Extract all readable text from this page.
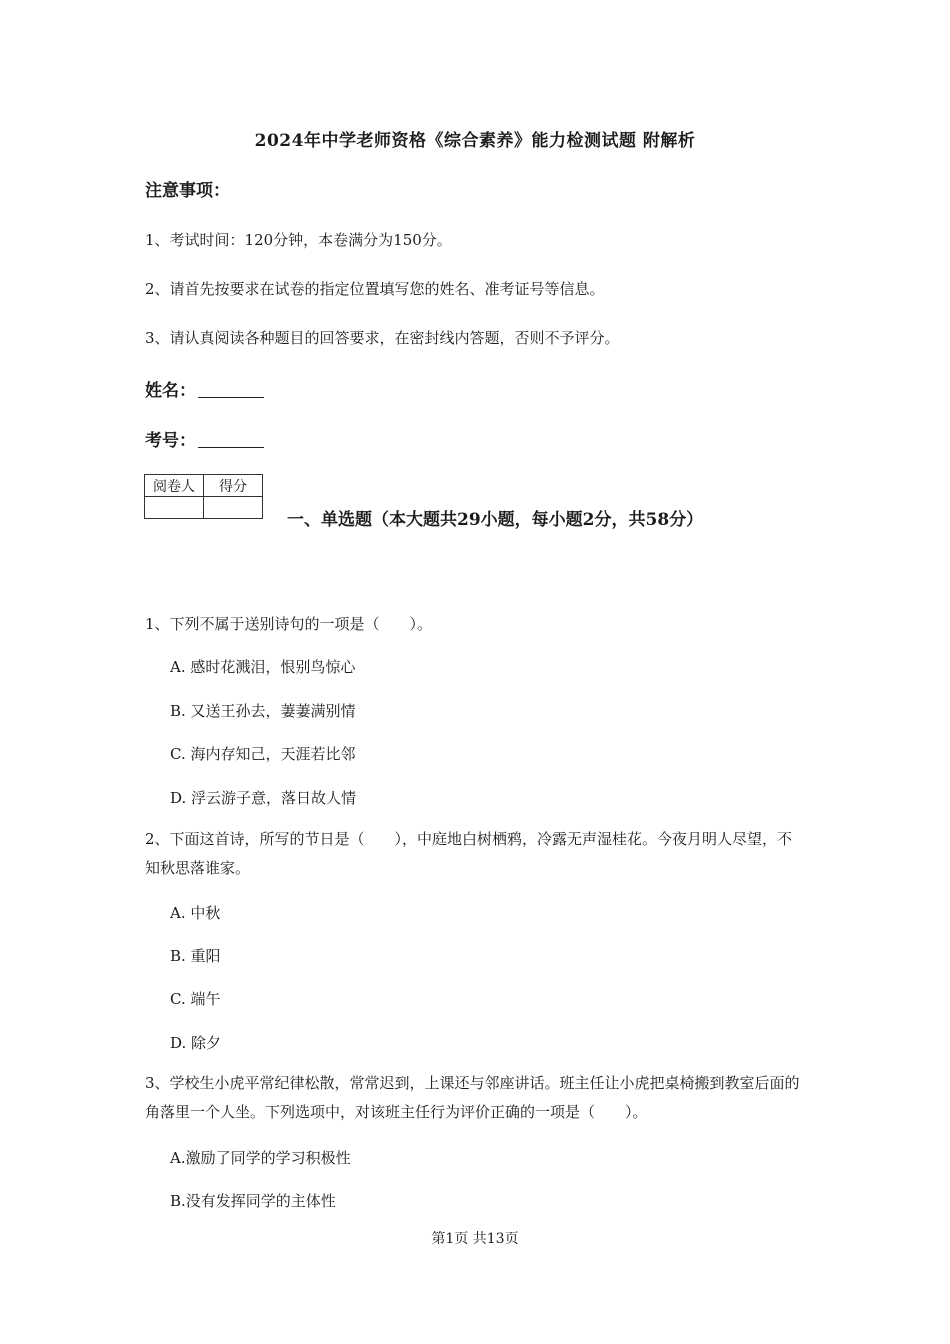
2024年中学老师资格《综合素养》能力检测试题 附解析
注意事项：
1、考试时间：120分钟，本卷满分为150分。
2、请首先按要求在试卷的指定位置填写您的姓名、准考证号等信息。
3、请认真阅读各种题目的回答要求，在密封线内答题，否则不予评分。
姓名：
考号：
阅卷人	得分

一、单选题（本大题共29小题，每小题2分，共58分）
1、下列不属于送别诗句的一项是（　　）。
A. 感时花溅泪，恨别鸟惊心
B. 又送王孙去，萋萋满别情
C. 海内存知己，天涯若比邻
D. 浮云游子意，落日故人情
2、下面这首诗，所写的节日是（　　），中庭地白树栖鸦，冷露无声湿桂花。今夜月明人尽望，不知秋思落谁家。
A. 中秋
B. 重阳
C. 端午
D. 除夕
3、学校生小虎平常纪律松散，常常迟到，上课还与邻座讲话。班主任让小虎把桌椅搬到教室后面的角落里一个人坐。下列选项中，对该班主任行为评价正确的一项是（　　）。
A.激励了同学的学习积极性
B.没有发挥同学的主体性
第1页 共13页
